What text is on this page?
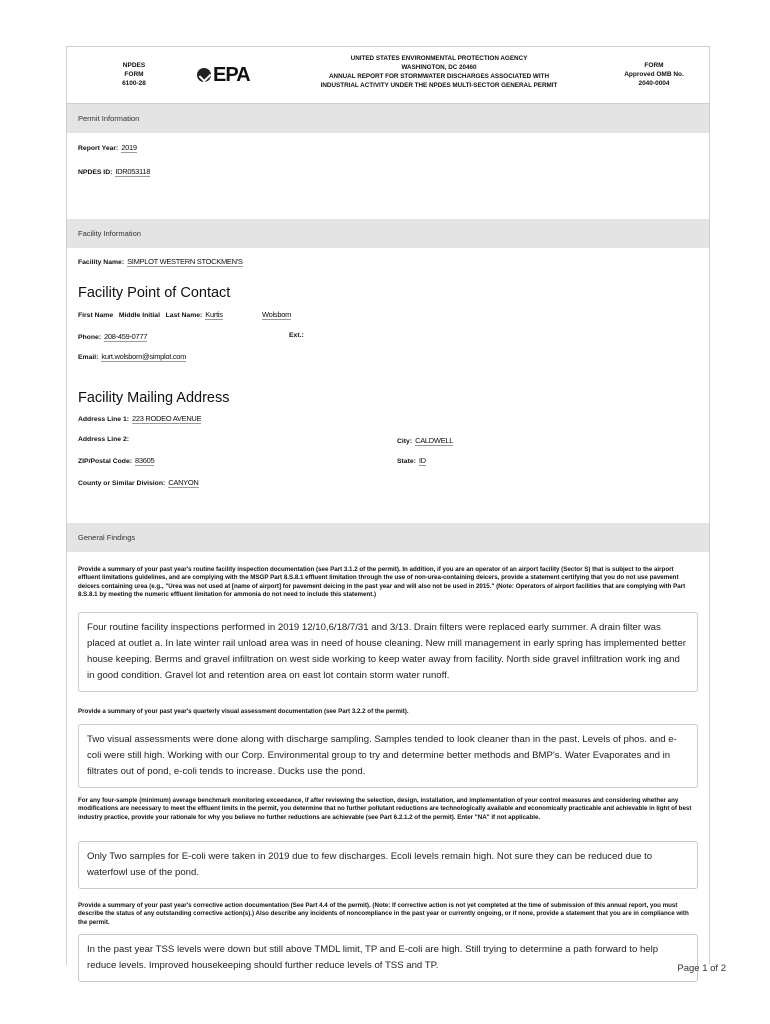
NPDES
FORM
6100-28	EPA
UNITED STATES ENVIRONMENTAL PROTECTION AGENCY
WASHINGTON, DC 20460
ANNUAL REPORT FOR STORMWATER DISCHARGES ASSOCIATED WITH
INDUSTRIAL ACTIVITY UNDER THE NPDES MULTI-SECTOR GENERAL PERMIT
FORM
Approved OMB No.
2040-0004
Permit Information
Report Year: 2019
NPDES ID: IDR053118
Facility Information
Facility Name: SIMPLOT WESTERN STOCKMEN'S
Facility Point of Contact
First Name Middle Initial Last Name: Kurtis	Wolsborn
Phone: 208-459-0777	Ext.:
Email: kurt.wolsborn@simplot.com
Facility Mailing Address
Address Line 1: 223 RODEO AVENUE
Address Line 2:	City: CALDWELL
ZIP/Postal Code: 83605	State: ID
County or Similar Division: CANYON
General Findings
Provide a summary of your past year's routine facility inspection documentation (see Part 3.1.2 of the permit). In addition, if you are an operator of an airport facility (Sector S) that is subject to the airport effluent limitations guidelines, and are complying with the MSGP Part 8.S.8.1 effluent limitation through the use of non-urea-containing deicers, provide a statement certifying that you do not use pavement deicers containing urea (e.g., "Urea was not used at [name of airport] for pavement deicing in the past year and will also not be used in 2015." (Note: Operators of airport facilities that are complying with Part 8.S.8.1 by meeting the numeric effluent limitation for ammonia do not need to include this statement.)
Four routine facility inspections performed in 2019 12/10,6/18/7/31 and 3/13. Drain filters were replaced early summer. A drain filter was placed at outlet a. In late winter rail unload area was in need of house cleaning. New mill management in early spring has implemented better house keeping. Berms and gravel infiltration on west side working to keep water away from facility. North side gravel infiltration work ing and in good condition. Gravel lot and retention area on east lot contain storm water runoff.
Provide a summary of your past year's quarterly visual assessment documentation (see Part 3.2.2 of the permit).
Two visual assessments were done along with discharge sampling. Samples tended to look cleaner than in the past. Levels of phos. and e-coli were still high. Working with our Corp. Environmental group to try and determine better methods and BMP's. Water Evaporates and in filtrates out of pond, e-coli tends to increase. Ducks use the pond.
For any four-sample (minimum) average benchmark monitoring exceedance, if after reviewing the selection, design, installation, and implementation of your control measures and considering whether any modifications are necessary to meet the effluent limits in the permit, you determine that no further pollutant reductions are technologically available and economically practicable and achievable in light of best industry practice, provide your rationale for why you believe no further reductions are achievable (see Part 6.2.1.2 of the permit). Enter "NA" if not applicable.
Only Two samples for E-coli were taken in 2019 due to few discharges. Ecoli levels remain high. Not sure they can be reduced due to waterfowl use of the pond.
Provide a summary of your past year's corrective action documentation (See Part 4.4 of the permit). (Note: If corrective action is not yet completed at the time of submission of this annual report, you must describe the status of any outstanding corrective action(s).) Also describe any incidents of noncompliance in the past year or currently ongoing, or if none, provide a statement that you are in compliance with the permit.
In the past year TSS levels were down but still above TMDL limit, TP and E-coli are high. Still trying to determine a path forward to help reduce levels. Improved housekeeping should further reduce levels of TSS and TP.	Page 1 of 2
